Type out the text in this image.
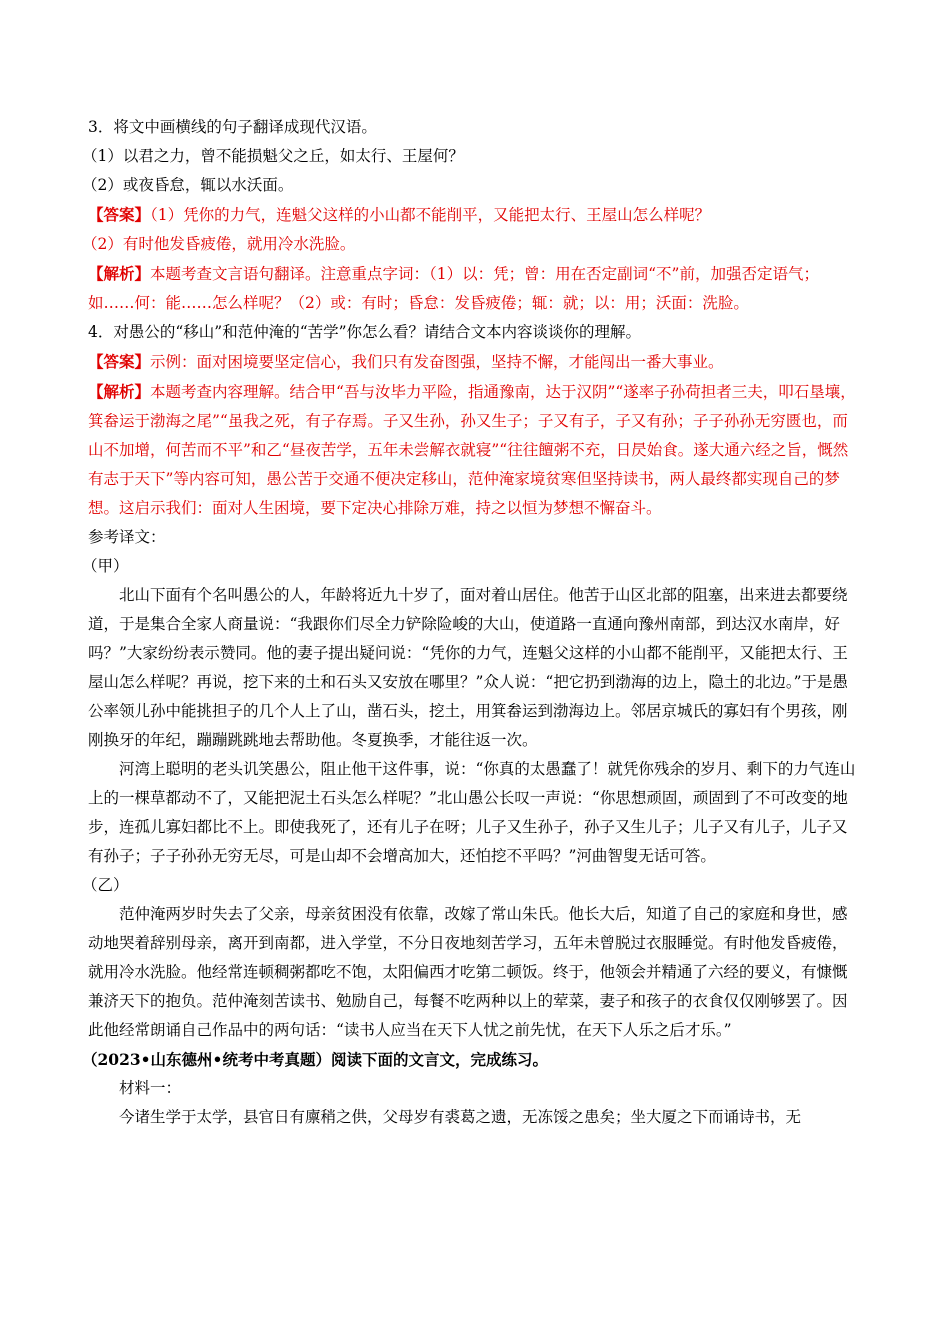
3．将文中画横线的句子翻译成现代汉语。

（1）以君之力，曾不能损魁父之丘，如太行、王屋何？

（2）或夜昏怠，辄以水沃面。

【答案】（1）凭你的力气，连魁父这样的小山都不能削平，又能把太行、王屋山怎么样呢？

（2）有时他发昏疲倦，就用冷水洗脸。

【解析】本题考查文言语句翻译。注意重点字词：（1）以：凭；曾：用在否定副词“不”前，加强否定语气；如……何：能……怎么样呢？（2）或：有时；昏怠：发昏疲倦；辄：就；以：用；沃面：洗脸。

4．对愚公的“移山”和范仲淹的“苦学”你怎么看？请结合文本内容谈谈你的理解。

【答案】示例：面对困境要坚定信心，我们只有发奋图强，坚持不懈，才能闯出一番大事业。

【解析】本题考查内容理解。结合甲“吾与汝毕力平险，指通豫南，达于汉阴”“遂率子孙荷担者三夫，叩石垦壤，箕畚运于渤海之尾”“虽我之死，有子存焉。子又生孙，孙又生子；子又有子，子又有孙；子子孙孙无穷匮也，而山不加增，何苦而不平”和乙“昼夜苦学，五年未尝解衣就寝”“往往饘粥不充，日昃始食。遂大通六经之旨，慨然有志于天下”等内容可知，愚公苦于交通不便决定移山，范仲淹家境贫寒但坚持读书，两人最终都实现自己的梦想。这启示我们：面对人生困境，要下定决心排除万难，持之以恒为梦想不懈奋斗。

参考译文：

（甲）

北山下面有个名叫愚公的人，年龄将近九十岁了，面对着山居住。他苦于山区北部的阻塞，出来进去都要绕道，于是集合全家人商量说：“我跟你们尽全力铲除险峻的大山，使道路一直通向豫州南部，到达汉水南岸，好吗？”大家纷纷表示赞同。他的妻子提出疑问说：“凭你的力气，连魁父这样的小山都不能削平，又能把太行、王屋山怎么样呢？再说，挖下来的土和石头又安放在哪里？”众人说：“把它扔到渤海的边上，隐土的北边。”于是愚公率领儿孙中能挑担子的几个人上了山，凿石头，挖土，用箕畚运到渤海边上。邻居京城氏的寡妇有个男孩，刚刚换牙的年纪，蹦蹦跳跳地去帮助他。冬夏换季，才能往返一次。

河湾上聪明的老头讥笑愚公，阻止他干这件事，说：“你真的太愚蠢了！就凭你残余的岁月、剩下的力气连山上的一棵草都动不了，又能把泥土石头怎么样呢？”北山愚公长叹一声说：“你思想顽固，顽固到了不可改变的地步，连孤儿寡妇都比不上。即使我死了，还有儿子在呀；儿子又生孙子，孙子又生儿子；儿子又有儿子，儿子又有孙子；子子孙孙无穷无尽，可是山却不会增高加大，还怕挖不平吗？”河曲智叟无话可答。

（乙）

范仲淹两岁时失去了父亲，母亲贫困没有依靠，改嫁了常山朱氏。他长大后，知道了自己的家庭和身世，感动地哭着辞别母亲，离开到南都，进入学堂，不分日夜地刻苦学习，五年未曾脱过衣服睡觉。有时他发昏疲倦，就用冷水洗脸。他经常连顿稠粥都吃不饱，太阳偏西才吃第二顿饭。终于，他领会并精通了六经的要义，有慷慨兼济天下的抱负。范仲淹刻苦读书、勉励自己，每餐不吃两种以上的荤菜，妻子和孩子的衣食仅仅刚够罢了。因此他经常朗诵自己作品中的两句话：“读书人应当在天下人忧之前先忧，在天下人乐之后才乐。”

（2023•山东德州•统考中考真题）阅读下面的文言文，完成练习。

材料一：

今诸生学于太学，县官日有廪稍之供，父母岁有裘葛之遗，无冻馁之患矣；坐大厦之下而诵诗书，无
